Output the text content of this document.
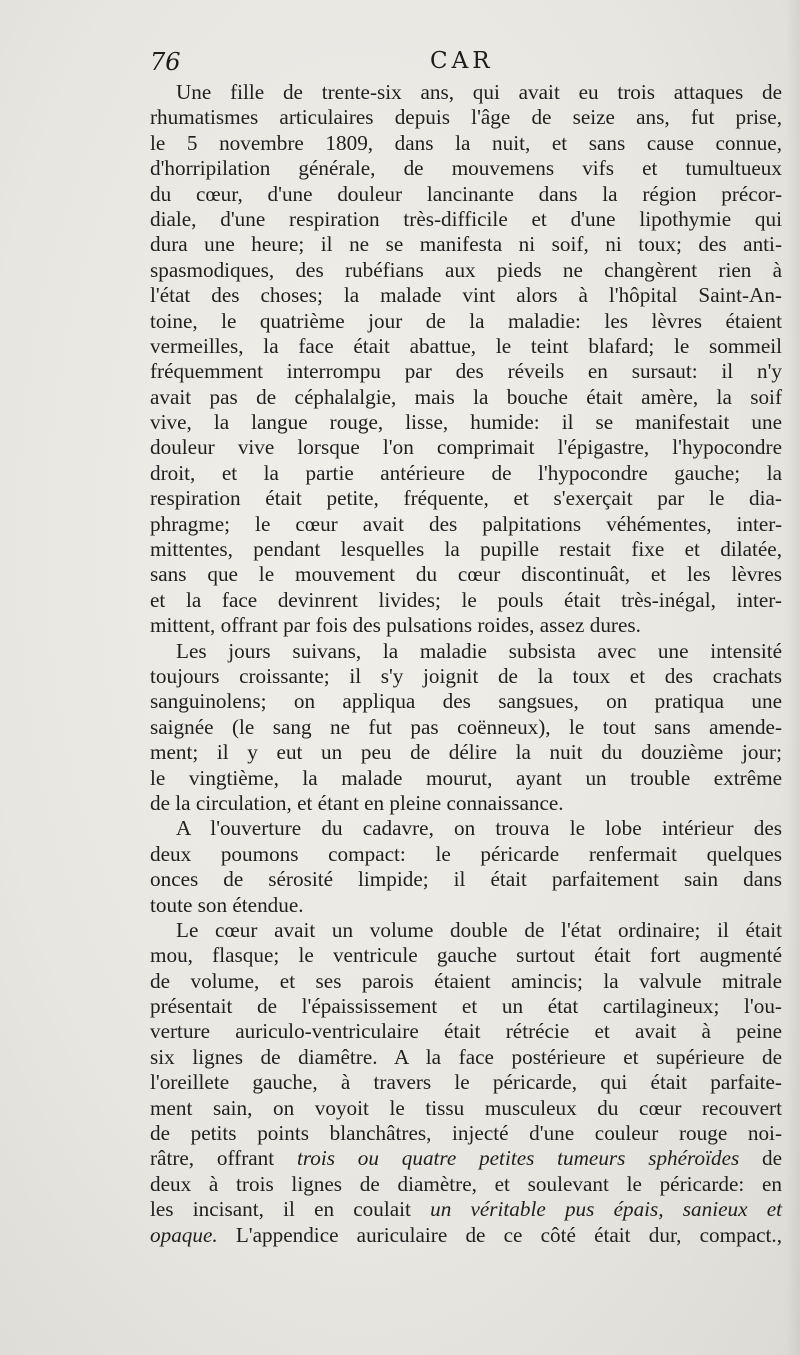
76	CAR
Une fille de trente-six ans, qui avait eu trois attaques de
rhumatismes articulaires depuis l'âge de seize ans, fut prise,
le 5 novembre 1809, dans la nuit, et sans cause connue,
d'horripilation générale, de mouvemens vifs et tumultueux
du cœur, d'une douleur lancinante dans la région précor-
diale, d'une respiration très-difficile et d'une lipothymie qui
dura une heure; il ne se manifesta ni soif, ni toux; des anti-
spasmodiques, des rubéfians aux pieds ne changèrent rien à
l'état des choses; la malade vint alors à l'hôpital Saint-An-
toine, le quatrième jour de la maladie: les lèvres étaient
vermeilles, la face était abattue, le teint blafard; le sommeil
fréquemment interrompu par des réveils en sursaut: il n'y
avait pas de céphalalgie, mais la bouche était amère, la soif
vive, la langue rouge, lisse, humide: il se manifestait une
douleur vive lorsque l'on comprimait l'épigastre, l'hypocondre
droit, et la partie antérieure de l'hypocondre gauche; la
respiration était petite, fréquente, et s'exerçait par le dia-
phragme; le cœur avait des palpitations véhémentes, inter-
mittentes, pendant lesquelles la pupille restait fixe et dilatée,
sans que le mouvement du cœur discontinuât, et les lèvres
et la face devinrent livides; le pouls était très-inégal, inter-
mittent, offrant par fois des pulsations roides, assez dures.
Les jours suivans, la maladie subsista avec une intensité
toujours croissante; il s'y joignit de la toux et des crachats
sanguinolens; on appliqua des sangsues, on pratiqua une
saignée (le sang ne fut pas coënneux), le tout sans amende-
ment; il y eut un peu de délire la nuit du douzième jour;
le vingtième, la malade mourut, ayant un trouble extrême
de la circulation, et étant en pleine connaissance.
A l'ouverture du cadavre, on trouva le lobe intérieur des
deux poumons compact: le péricarde renfermait quelques
onces de sérosité limpide; il était parfaitement sain dans
toute son étendue.
Le cœur avait un volume double de l'état ordinaire; il était
mou, flasque; le ventricule gauche surtout était fort augmenté
de volume, et ses parois étaient amincis; la valvule mitrale
présentait de l'épaississement et un état cartilagineux; l'ou-
verture auriculo-ventriculaire était rétrécie et avait à peine
six lignes de diamêtre. A la face postérieure et supérieure de
l'oreillete gauche, à travers le péricarde, qui était parfaite-
ment sain, on voyoit le tissu musculeux du cœur recouvert
de petits points blanchâtres, injecté d'une couleur rouge noi-
râtre, offrant trois ou quatre petites tumeurs sphéroïdes de
deux à trois lignes de diamètre, et soulevant le péricarde: en
les incisant, il en coulait un véritable pus épais, sanieux et
opaque. L'appendice auriculaire de ce côté était dur, compact.,
